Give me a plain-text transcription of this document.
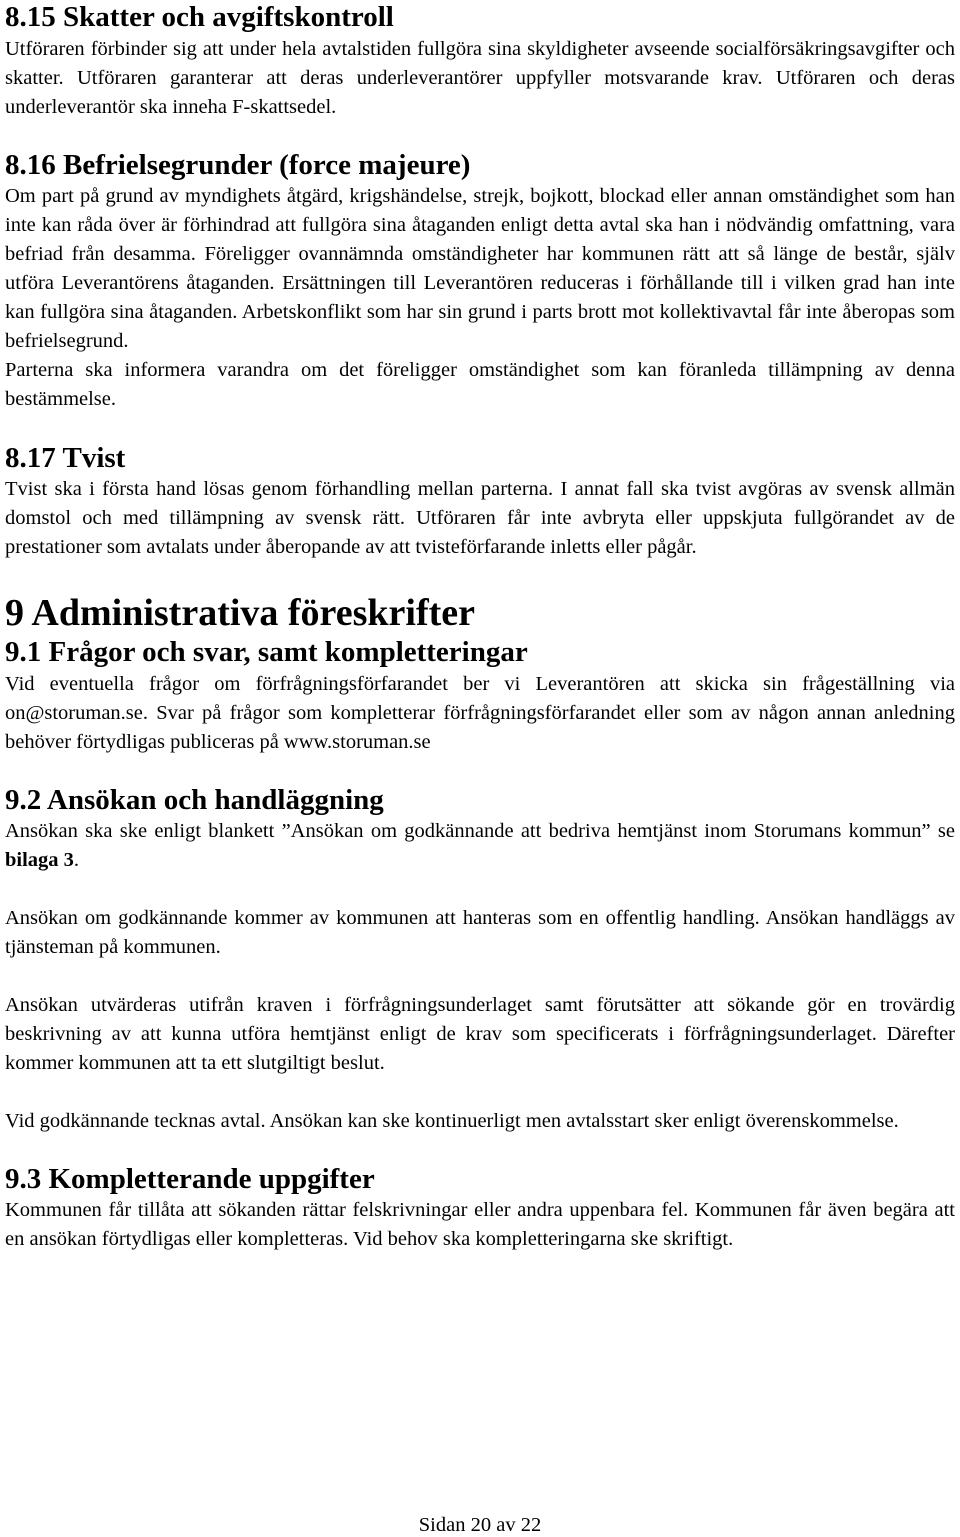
8.15 Skatter och avgiftskontroll

Utföraren förbinder sig att under hela avtalstiden fullgöra sina skyldigheter avseende socialförsäkringsavgifter och skatter. Utföraren garanterar att deras underleverantörer uppfyller motsvarande krav. Utföraren och deras underleverantör ska inneha F-skattsedel.

8.16 Befrielsegrunder (force majeure)

Om part på grund av myndighets åtgärd, krigshändelse, strejk, bojkott, blockad eller annan omständighet som han inte kan råda över är förhindrad att fullgöra sina åtaganden enligt detta avtal ska han i nödvändig omfattning, vara befriad från desamma. Föreligger ovannämnda omständigheter har kommunen rätt att så länge de består, själv utföra Leverantörens åtaganden. Ersättningen till Leverantören reduceras i förhållande till i vilken grad han inte kan fullgöra sina åtaganden. Arbetskonflikt som har sin grund i parts brott mot kollektivavtal får inte åberopas som befrielsegrund.

Parterna ska informera varandra om det föreligger omständighet som kan föranleda tillämpning av denna bestämmelse.

8.17 Tvist

Tvist ska i första hand lösas genom förhandling mellan parterna. I annat fall ska tvist avgöras av svensk allmän domstol och med tillämpning av svensk rätt. Utföraren får inte avbryta eller uppskjuta fullgörandet av de prestationer som avtalats under åberopande av att tvisteförfarande inletts eller pågår.

9 Administrativa föreskrifter
9.1 Frågor och svar, samt kompletteringar

Vid eventuella frågor om förfrågningsförfarandet ber vi Leverantören att skicka sin frågeställning via on@storuman.se. Svar på frågor som kompletterar förfrågningsförfarandet eller som av någon annan anledning behöver förtydligas publiceras på www.storuman.se

9.2 Ansökan och handläggning

Ansökan ska ske enligt blankett ”Ansökan om godkännande att bedriva hemtjänst inom Storumans kommun” se bilaga 3.

Ansökan om godkännande kommer av kommunen att hanteras som en offentlig handling. Ansökan handläggs av tjänsteman på kommunen.

Ansökan utvärderas utifrån kraven i förfrågningsunderlaget samt förutsätter att sökande gör en trovärdig beskrivning av att kunna utföra hemtjänst enligt de krav som specificerats i förfrågningsunderlaget. Därefter kommer kommunen att ta ett slutgiltigt beslut.

Vid godkännande tecknas avtal. Ansökan kan ske kontinuerligt men avtalsstart sker enligt överenskommelse.

9.3 Kompletterande uppgifter

Kommunen får tillåta att sökanden rättar felskrivningar eller andra uppenbara fel. Kommunen får även begära att en ansökan förtydligas eller kompletteras. Vid behov ska kompletteringarna ske skriftigt.

Sidan 20 av 22
